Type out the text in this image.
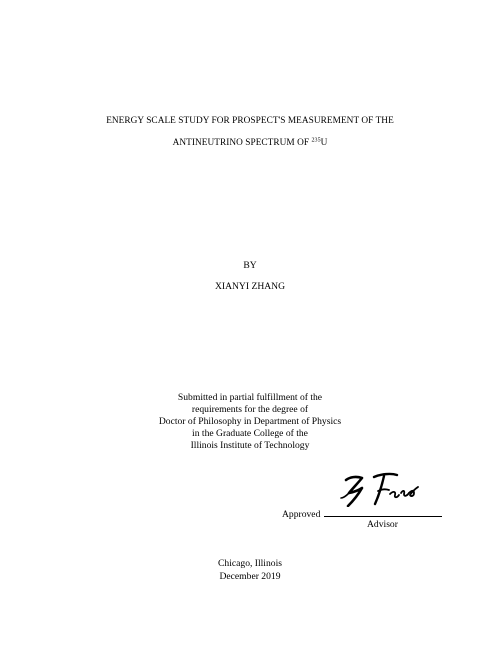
ENERGY SCALE STUDY FOR PROSPECT'S MEASUREMENT OF THE
ANTINEUTRINO SPECTRUM OF $^{235}$U
BY
XIANYI ZHANG
Submitted in partial fulfillment of the
requirements for the degree of
Doctor of Philosophy in Department of Physics
in the Graduate College of the
Illinois Institute of Technology
Approved
Advisor
Chicago, Illinois
December 2019
